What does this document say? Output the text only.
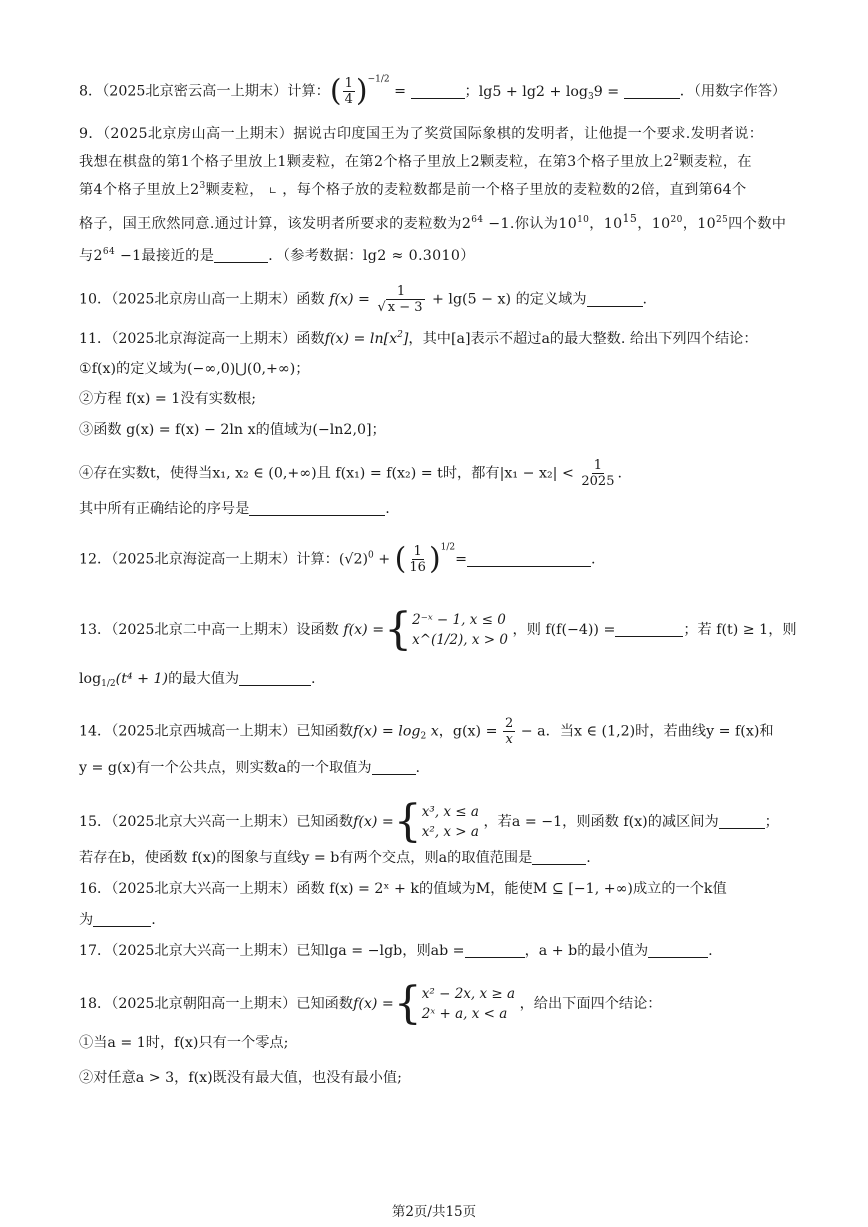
8．（2025北京密云高一上期末）计算：( $\frac{1}{4} )^{-1/2}$ =	；$\lg 5 + \lg 2 + \log_39$ =	．（用数字作答）
9．（2025北京房山高一上期末）据说古印度国王为了奖赏国际象棋的发明者，让他提一个要求.发明者说：
我想在棋盘的第1个格子里放上1颗麦粒，在第2个格子里放上2颗麦粒，在第3个格子里放上$2^2$颗麦粒，在
第4个格子里放上$2^3$颗麦粒， ∟ ，每个格子放的麦粒数都是前一个格子里放的麦粒数的2倍，直到第64个
格子，国王欣然同意.通过计算，该发明者所要求的麦粒数为$2^{64} -1$.你认为$10^{10}$，$10^{15}$，$10^{20}$，$10^{25}$四个数中
与$2^{64} -1$最接近的是	．（参考数据：lg2 ≈ 0.3010）
10．（2025北京房山高一上期末）函数 $f(x) = \frac{1}{√ x - 3} + \lg(5 - x)$ 的定义域为	.
11．（2025北京海淀高一上期末）函数$f(x) = \ln[x^2]$，其中[a]表示不超过a的最大整数. 给出下列四个结论：
①f(x)的定义域为(−∞,0)⋃(0,+∞)；
②方程 f(x) = 1没有实数根;
③函数 g(x) = f(x) − 2ln x的值域为(−ln2,0]；
④存在实数t，使得当x₁, x₂ ∈ (0,+∞)且 f(x₁) = f(x₂) = t时，都有$|x_1 - x_2| < \frac{1}{2025}$ .
其中所有正确结论的序号是	.
12．（2025北京海淀高一上期末）计算：$(√2)^0$ + ( $\frac{1}{16} )^{1/2}=$	.
13．（2025北京二中高一上期末）设函数 f(x) ={ 2⁻ˣ − 1, x ≤ 0
x^(1/2), x > 0
，则 f(f(−4)) =	；若 f(t) ≥ 1，则
$\log_{1/2}(t^4 + 1)$的最大值为	.
14．（2025北京西城高一上期末）已知函数$f(x) = \log_2 x$，$g(x) = \frac{2}{x} - a$．当x ∈ (1,2)时，若曲线y = f(x)和
y = g(x)有一个公共点，则实数a的一个取值为	.
15．（2025北京大兴高一上期末）已知函数f(x) ={ x³, x ≤ a
x², x > a
，若a = −1，则函数 f(x)的减区间为	；
若存在b，使函数 f(x)的图象与直线y = b有两个交点，则a的取值范围是	.
16．（2025北京大兴高一上期末）函数 f(x) = 2ˣ + k的值域为M，能使M ⊆ [−1, +∞)成立的一个k值
为	.
17．（2025北京大兴高一上期末）已知lga = −lgb，则ab =	，a + b的最小值为	.
18．（2025北京朝阳高一上期末）已知函数f(x) ={ x² − 2x, x ≥ a
2ˣ + a, x < a
，给出下面四个结论：
①当a = 1时，f(x)只有一个零点;
②对任意a > 3，f(x)既没有最大值，也没有最小值;
第2页/共15页
